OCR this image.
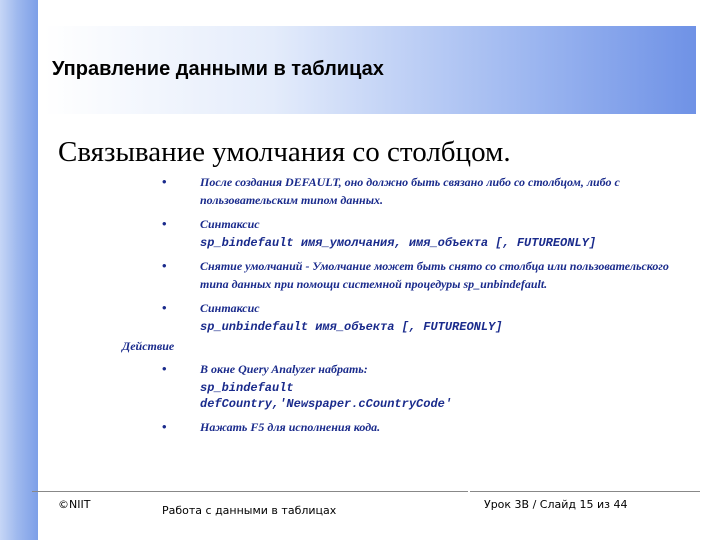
Управление данными в таблицах
Связывание умолчания со столбцом.
•	После создания DEFAULT, оно должно быть связано либо со столбцом, либо с пользовательским типом данных.
•	Синтаксис
sp_bindefault имя_умолчания, имя_объекта [, FUTUREONLY]
•	Снятие умолчаний - Умолчание может быть снято со столбца или пользовательского типа данных при помощи системной процедуры sp_unbindefault.
•	Синтаксис
sp_unbindefault имя_объекта [, FUTUREONLY]
Действие
•	В окне Query Analyzer набрать:
sp_bindefault
defCountry,'Newspaper.cCountryCode'
•	Нажать F5 для исполнения кода.
©NIIT	Работа с данными в таблицах	Урок 3B / Слайд 15 из 44
